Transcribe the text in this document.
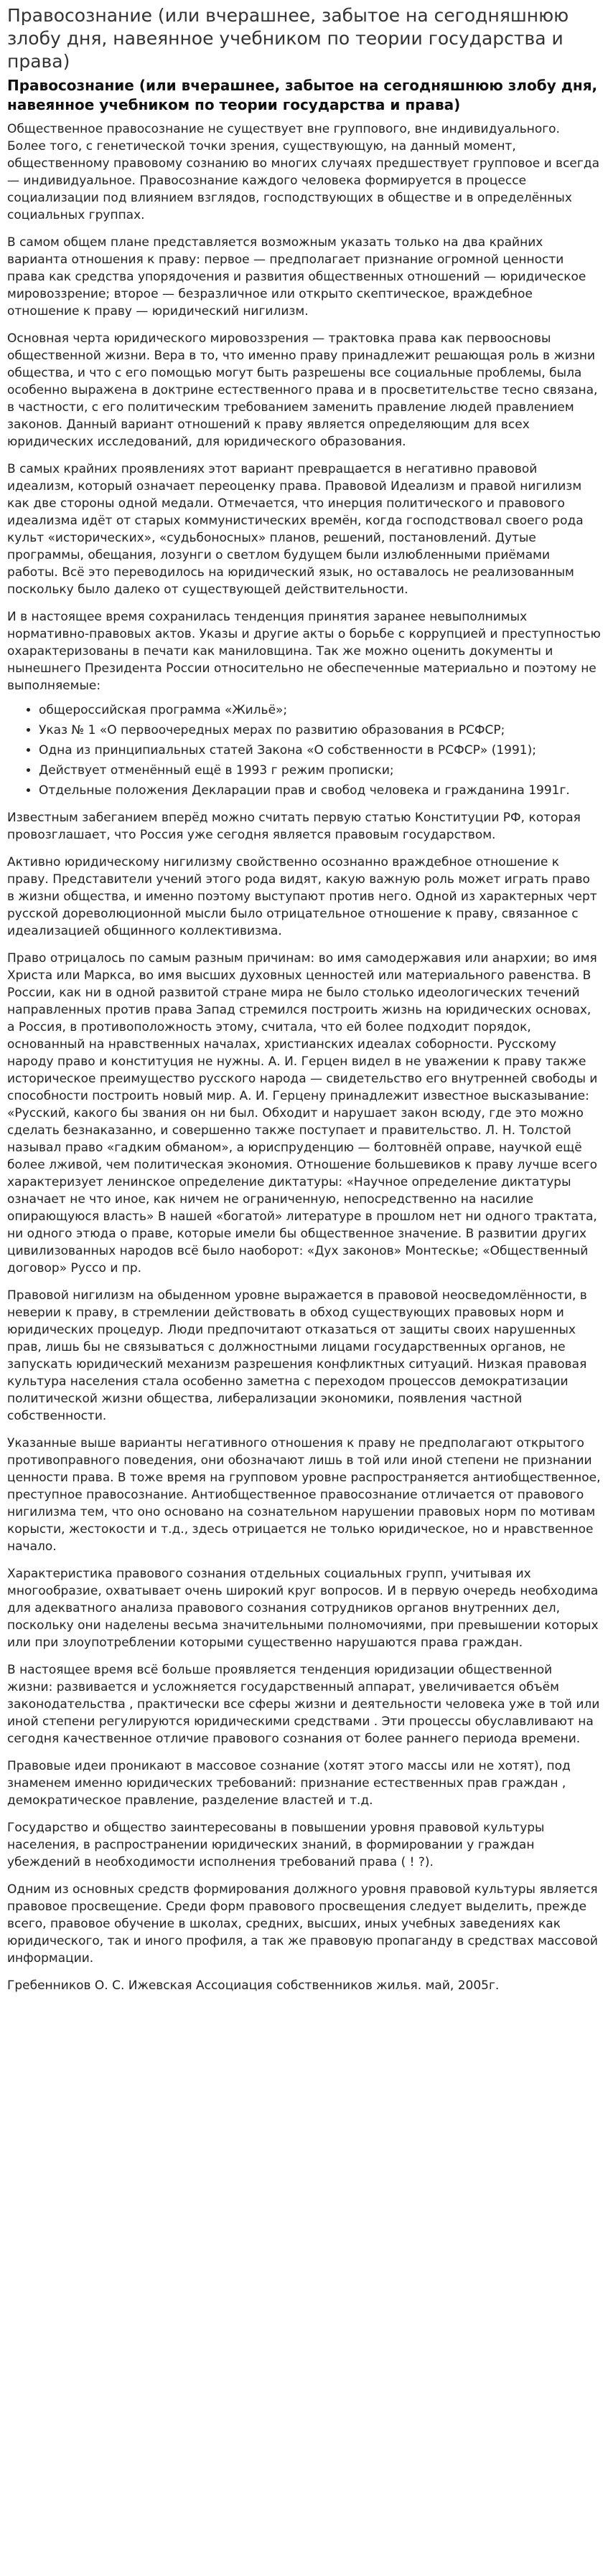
Правосознание (или вчерашнее, забытое на сегодняшнюю злобу дня, навеянное учебником по теории государства и права)
Правосознание (или вчерашнее, забытое на сегодняшнюю злобу дня, навеянное учебником по теории государства и права)

Общественное правосознание не существует вне группового, вне индивидуального. Более того, с генетической точки зрения, существующую, на данный момент, общественному правовому сознанию во многих случаях предшествует групповое и всегда — индивидуальное. Правосознание каждого человека формируется в процессе социализации под влиянием взглядов, господствующих в обществе и в определённых социальных группах.

В самом общем плане представляется возможным указать только на два крайних варианта отношения к праву: первое — предполагает признание огромной ценности права как средства упорядочения и развития общественных отношений — юридическое мировоззрение; второе — безразличное или открыто скептическое, враждебное отношение к праву — юридический нигилизм.

Основная черта юридического мировоззрения — трактовка права как первоосновы общественной жизни. Вера в то, что именно праву принадлежит решающая роль в жизни общества, и что с его помощью могут быть разрешены все социальные проблемы, была особенно выражена в доктрине естественного права и в просветительстве тесно связана, в частности, с его политическим требованием заменить правление людей правлением законов. Данный вариант отношений к праву является определяющим для всех юридических исследований, для юридического образования.

В самых крайних проявлениях этот вариант превращается в негативно правовой идеализм, который означает переоценку права. Правовой Идеализм и правой нигилизм как две стороны одной медали. Отмечается, что инерция политического и правового идеализма идёт от старых коммунистических времён, когда господствовал своего рода культ «исторических», «судьбоносных» планов, решений, постановлений. Дутые программы, обещания, лозунги о светлом будущем были излюбленными приёмами работы. Всё это переводилось на юридический язык, но оставалось не реализованным поскольку было далеко от существующей действительности.

И в настоящее время сохранилась тенденция принятия заранее невыполнимых нормативно-правовых актов. Указы и другие акты о борьбе с коррупцией и преступностью охарактеризованы в печати как маниловщина. Так же можно оценить документы и нынешнего Президента России относительно не обеспеченные материально и поэтому не выполняемые:

• общероссийская программа «Жильё»;
• Указ № 1 «О первоочередных мерах по развитию образования в РСФСР;
• Одна из принципиальных статей Закона «О собственности в РСФСР» (1991);
• Действует отменённый ещё в 1993 г режим прописки;
• Отдельные положения Декларации прав и свобод человека и гражданина 1991г.

Известным забеганием вперёд можно считать первую статью Конституции РФ, которая провозглашает, что Россия уже сегодня является правовым государством.

Активно юридическому нигилизму свойственно осознанно враждебное отношение к праву. Представители учений этого рода видят, какую важную роль может играть право в жизни общества, и именно поэтому выступают против него. Одной из характерных черт русской дореволюционной мысли было отрицательное отношение к праву, связанное с идеализацией общинного коллективизма.

Право отрицалось по самым разным причинам: во имя самодержавия или анархии; во имя Христа или Маркса, во имя высших духовных ценностей или материального равенства. В России, как ни в одной развитой стране мира не было столько идеологических течений направленных против права Запад стремился построить жизнь на юридических основах, а Россия, в противоположность этому, считала, что ей более подходит порядок, основанный на нравственных началах, христианских идеалах соборности. Русскому народу право и конституция не нужны. А. И. Герцен видел в не уважении к праву также историческое преимущество русского народа — свидетельство его внутренней свободы и способности построить новый мир. А. И. Герцену принадлежит известное высказывание: «Русский, какого бы звания он ни был. Обходит и нарушает закон всюду, где это можно сделать безнаказанно, и совершенно также поступает и правительство. Л. Н. Толстой называл право «гадким обманом», а юриспруденцию — болтовнёй оправе, научкой ещё более лживой, чем политическая экономия. Отношение большевиков к праву лучше всего характеризует ленинское определение диктатуры: «Научное определение диктатуры означает не что иное, как ничем не ограниченную, непосредственно на насилие опирающуюся власть» В нашей «богатой» литературе в прошлом нет ни одного трактата, ни одного этюда о праве, которые имели бы общественное значение. В развитии других цивилизованных народов всё было наоборот: «Дух законов» Монтескье; «Общественный договор» Руссо и пр.

Правовой нигилизм на обыденном уровне выражается в правовой неосведомлённости, в неверии к праву, в стремлении действовать в обход существующих правовых норм и юридических процедур. Люди предпочитают отказаться от защиты своих нарушенных прав, лишь бы не связываться с должностными лицами государственных органов, не запускать юридический механизм разрешения конфликтных ситуаций. Низкая правовая культура населения стала особенно заметна с переходом процессов демократизации политической жизни общества, либерализации экономики, появления частной собственности.

Указанные выше варианты негативного отношения к праву не предполагают открытого противоправного поведения, они обозначают лишь в той или иной степени не признании ценности права. В тоже время на групповом уровне распространяется антиобщественное, преступное правосознание. Антиобщественное правосознание отличается от правового нигилизма тем, что оно основано на сознательном нарушении правовых норм по мотивам корысти, жестокости и т.д., здесь отрицается не только юридическое, но и нравственное начало.

Характеристика правового сознания отдельных социальных групп, учитывая их многообразие, охватывает очень широкий круг вопросов. И в первую очередь необходима для адекватного анализа правового сознания сотрудников органов внутренних дел, поскольку они наделены весьма значительными полномочиями, при превышении которых или при злоупотреблении которыми существенно нарушаются права граждан.

В настоящее время всё больше проявляется тенденция юридизации общественной жизни: развивается и усложняется государственный аппарат, увеличивается объём законодательства , практически все сферы жизни и деятельности человека уже в той или иной степени регулируются юридическими средствами . Эти процессы обуславливают на сегодня качественное отличие правового сознания от более раннего периода времени.

Правовые идеи проникают в массовое сознание (хотят этого массы или не хотят), под знаменем именно юридических требований: признание естественных прав граждан , демократическое правление, разделение властей и т.д.

Государство и общество заинтересованы в повышении уровня правовой культуры населения, в распространении юридических знаний, в формировании у граждан убеждений в необходимости исполнения требований права ( ! ?).

Одним из основных средств формирования должного уровня правовой культуры является правовое просвещение. Среди форм правового просвещения следует выделить, прежде всего, правовое обучение в школах, средних, высших, иных учебных заведениях как юридического, так и иного профиля, а так же правовую пропаганду в средствах массовой информации.

Гребенников О. С. Ижевская Ассоциация собственников жилья. май, 2005г.
